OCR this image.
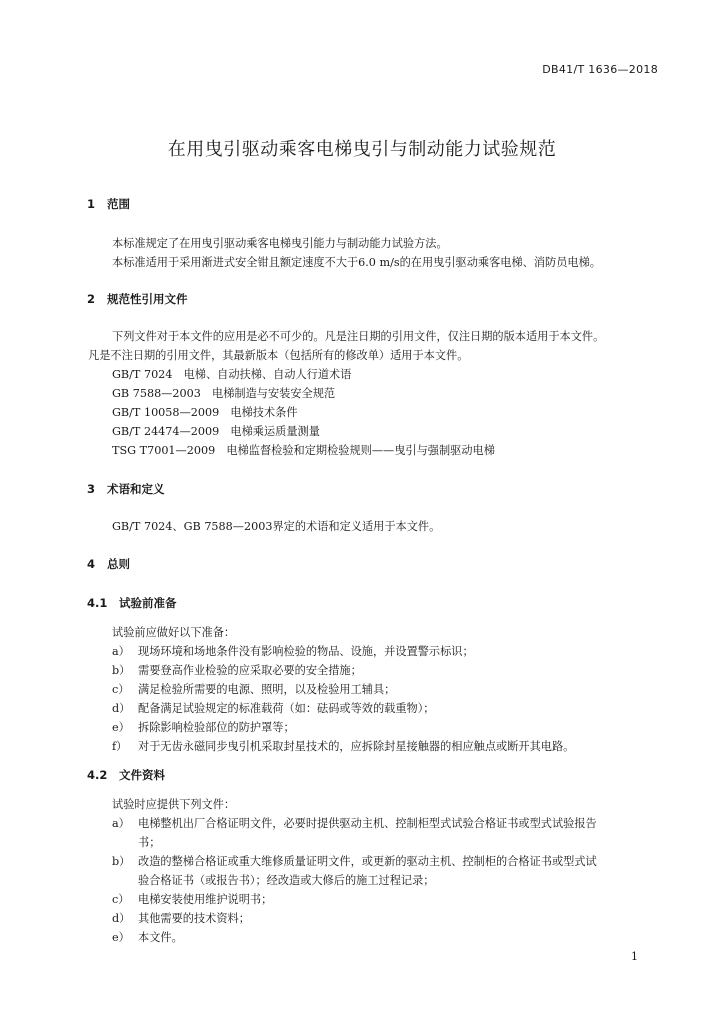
DB41/T 1636—2018
在用曳引驱动乘客电梯曳引与制动能力试验规范
1 范围
本标准规定了在用曳引驱动乘客电梯曳引能力与制动能力试验方法。
本标准适用于采用渐进式安全钳且额定速度不大于6.0 m/s的在用曳引驱动乘客电梯、消防员电梯。
2 规范性引用文件
下列文件对于本文件的应用是必不可少的。凡是注日期的引用文件，仅注日期的版本适用于本文件。
凡是不注日期的引用文件，其最新版本（包括所有的修改单）适用于本文件。
GB/T 7024　电梯、自动扶梯、自动人行道术语
GB 7588—2003　电梯制造与安装安全规范
GB/T 10058—2009　电梯技术条件
GB/T 24474—2009　电梯乘运质量测量
TSG T7001—2009　电梯监督检验和定期检验规则——曳引与强制驱动电梯
3 术语和定义
GB/T 7024、GB 7588—2003界定的术语和定义适用于本文件。
4 总则
4.1 试验前准备
试验前应做好以下准备：
a） 现场环境和场地条件没有影响检验的物品、设施，并设置警示标识；
b） 需要登高作业检验的应采取必要的安全措施；
c） 满足检验所需要的电源、照明，以及检验用工辅具；
d） 配备满足试验规定的标准载荷（如：砝码或等效的载重物）；
e） 拆除影响检验部位的防护罩等；
f） 对于无齿永磁同步曳引机采取封星技术的，应拆除封星接触器的相应触点或断开其电路。
4.2 文件资料
试验时应提供下列文件：
a） 电梯整机出厂合格证明文件，必要时提供驱动主机、控制柜型式试验合格证书或型式试验报告
书；
b） 改造的整梯合格证或重大维修质量证明文件，或更新的驱动主机、控制柜的合格证书或型式试
验合格证书（或报告书）；经改造或大修后的施工过程记录；
c） 电梯安装使用维护说明书；
d） 其他需要的技术资料；
e） 本文件。
1
